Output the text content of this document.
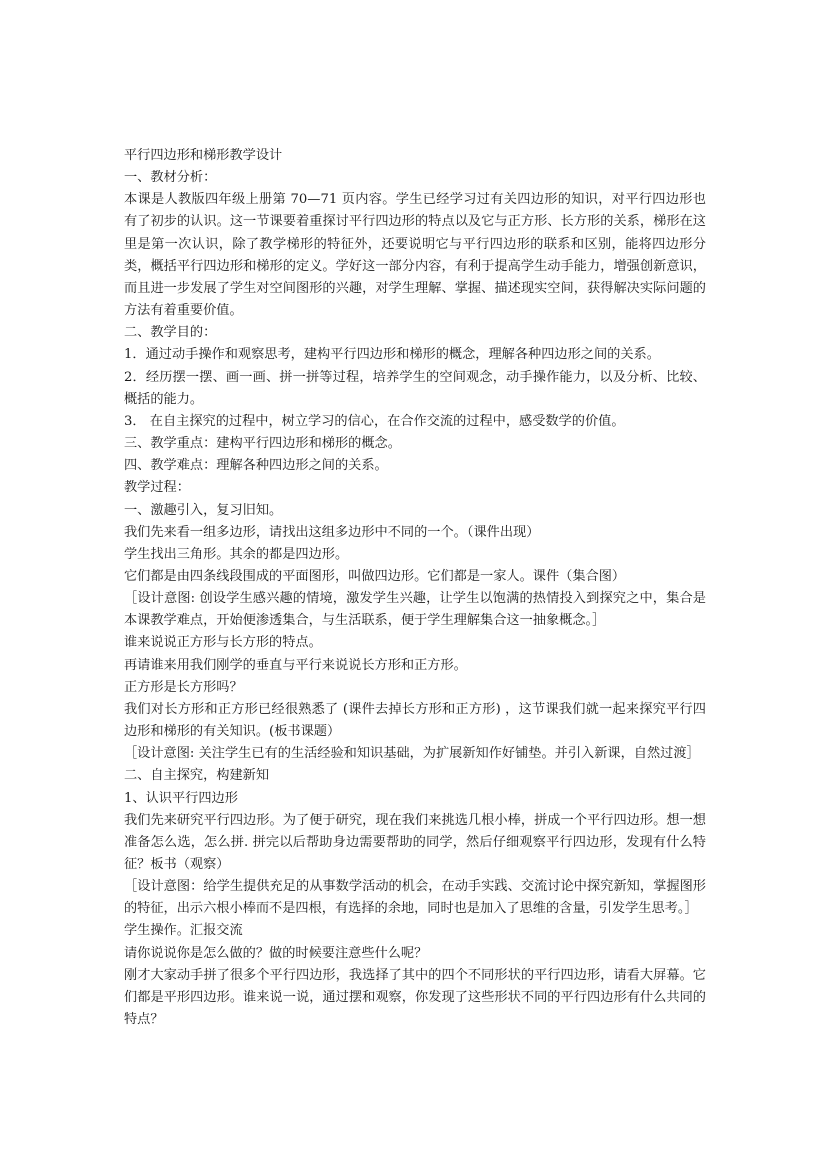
平行四边形和梯形教学设计

一、教材分析：

本课是人教版四年级上册第 70—71 页内容。学生已经学习过有关四边形的知识，对平行四边形也有了初步的认识。这一节课要着重探讨平行四边形的特点以及它与正方形、长方形的关系，梯形在这里是第一次认识，除了教学梯形的特征外，还要说明它与平行四边形的联系和区别，能将四边形分类，概括平行四边形和梯形的定义。学好这一部分内容，有利于提高学生动手能力，增强创新意识，而且进一步发展了学生对空间图形的兴趣，对学生理解、掌握、描述现实空间，获得解决实际问题的方法有着重要价值。

二、教学目的：

1．通过动手操作和观察思考，建构平行四边形和梯形的概念，理解各种四边形之间的关系。

2．经历摆一摆、画一画、拼一拼等过程，培养学生的空间观念，动手操作能力，以及分析、比较、概括的能力。

3． 在自主探究的过程中，树立学习的信心，在合作交流的过程中，感受数学的价值。

三、教学重点：建构平行四边形和梯形的概念。

四、教学难点：理解各种四边形之间的关系。

教学过程：

一、激趣引入，复习旧知。

我们先来看一组多边形，请找出这组多边形中不同的一个。（课件出现）

学生找出三角形。其余的都是四边形。

它们都是由四条线段围成的平面图形，叫做四边形。它们都是一家人。课件（集合图）

［设计意图: 创设学生感兴趣的情境，激发学生兴趣，让学生以饱满的热情投入到探究之中，集合是本课教学难点，开始便渗透集合，与生活联系，便于学生理解集合这一抽象概念。］

谁来说说正方形与长方形的特点。

再请谁来用我们刚学的垂直与平行来说说长方形和正方形。

正方形是长方形吗？

我们对长方形和正方形已经很熟悉了 (课件去掉长方形和正方形) ，这节课我们就一起来探究平行四边形和梯形的有关知识。(板书课题）

［设计意图: 关注学生已有的生活经验和知识基础，为扩展新知作好铺垫。并引入新课，自然过渡］

二、自主探究，构建新知

1、认识平行四边形

我们先来研究平行四边形。为了便于研究，现在我们来挑选几根小棒，拼成一个平行四边形。想一想准备怎么选，怎么拼. 拼完以后帮助身边需要帮助的同学，然后仔细观察平行四边形，发现有什么特征？板书（观察）

［设计意图：给学生提供充足的从事数学活动的机会，在动手实践、交流讨论中探究新知，掌握图形的特征，出示六根小棒而不是四根，有选择的余地，同时也是加入了思维的含量，引发学生思考。］

学生操作。汇报交流

请你说说你是怎么做的？做的时候要注意些什么呢？

刚才大家动手拼了很多个平行四边形，我选择了其中的四个不同形状的平行四边形，请看大屏幕。它们都是平形四边形。谁来说一说，通过摆和观察，你发现了这些形状不同的平行四边形有什么共同的特点？
